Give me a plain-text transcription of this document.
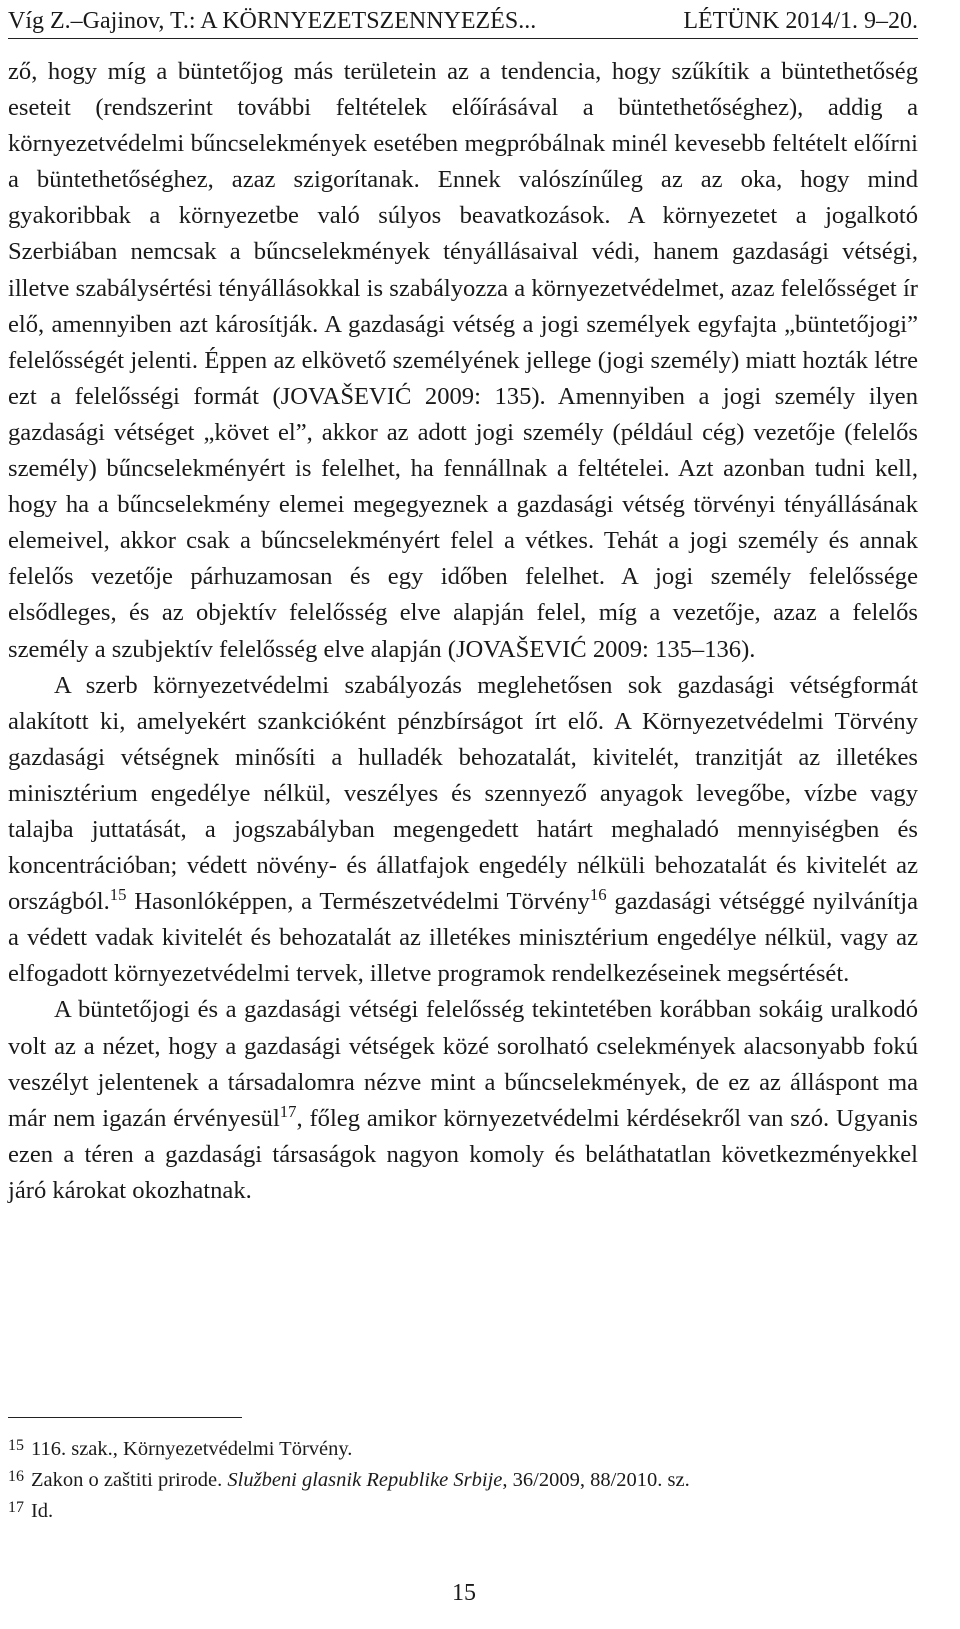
Víg Z.–Gajinov, T.: A KÖRNYEZETSZENNYEZÉS...	LÉTÜNK 2014/1. 9–20.

ző, hogy míg a büntetőjog más területein az a tendencia, hogy szűkítik a büntethetőség eseteit (rendszerint további feltételek előírásával a büntethetőséghez), addig a környezetvédelmi bűncselekmények esetében megpróbálnak minél kevesebb feltételt előírni a büntethetőséghez, azaz szigorítanak. Ennek valószínűleg az az oka, hogy mind gyakoribbak a környezetbe való súlyos beavatkozások. A környezetet a jogalkotó Szerbiában nemcsak a bűncselekmények tényállásaival védi, hanem gazdasági vétségi, illetve szabálysértési tényállásokkal is szabályozza a környezetvédelmet, azaz felelősséget ír elő, amennyiben azt károsítják. A gazdasági vétség a jogi személyek egyfajta „büntetőjogi” felelősségét jelenti. Éppen az elkövető személyének jellege (jogi személy) miatt hozták létre ezt a felelősségi formát (JOVAŠEVIĆ 2009: 135). Amennyiben a jogi személy ilyen gazdasági vétséget „követ el”, akkor az adott jogi személy (például cég) vezetője (felelős személy) bűncselekményért is felelhet, ha fennállnak a feltételei. Azt azonban tudni kell, hogy ha a bűncselekmény elemei megegyeznek a gazdasági vétség törvényi tényállásának elemeivel, akkor csak a bűncselekményért felel a vétkes. Tehát a jogi személy és annak felelős vezetője párhuzamosan és egy időben felelhet. A jogi személy felelőssége elsődleges, és az objektív felelősség elve alapján felel, míg a vezetője, azaz a felelős személy a szubjektív felelősség elve alapján (JOVAŠEVIĆ 2009: 135–136).

A szerb környezetvédelmi szabályozás meglehetősen sok gazdasági vétségformát alakított ki, amelyekért szankcióként pénzbírságot írt elő. A Környezetvédelmi Törvény gazdasági vétségnek minősíti a hulladék behozatalát, kivitelét, tranzitját az illetékes minisztérium engedélye nélkül, veszélyes és szennyező anyagok levegőbe, vízbe vagy talajba juttatását, a jogszabályban megengedett határt meghaladó mennyiségben és koncentrációban; védett növény- és állatfajok engedély nélküli behozatalát és kivitelét az országból.$^{15}$ Hasonlóképpen, a Természetvédelmi Törvény$^{16}$ gazdasági vétséggé nyilvánítja a védett vadak kivitelét és behozatalát az illetékes minisztérium engedélye nélkül, vagy az elfogadott környezetvédelmi tervek, illetve programok rendelkezéseinek megsértését.

A büntetőjogi és a gazdasági vétségi felelősség tekintetében korábban sokáig uralkodó volt az a nézet, hogy a gazdasági vétségek közé sorolható cselekmények alacsonyabb fokú veszélyt jelentenek a társadalomra nézve mint a bűncselekmények, de ez az álláspont ma már nem igazán érvényesül$^{17}$, főleg amikor környezetvédelmi kérdésekről van szó. Ugyanis ezen a téren a gazdasági társaságok nagyon komoly és beláthatatlan következményekkel járó károkat okozhatnak.

$^{15}$ 116. szak., Környezetvédelmi Törvény.
$^{16}$ Zakon o zaštiti prirode. Službeni glasnik Republike Srbije, 36/2009, 88/2010. sz.
$^{17}$ Id.
15
